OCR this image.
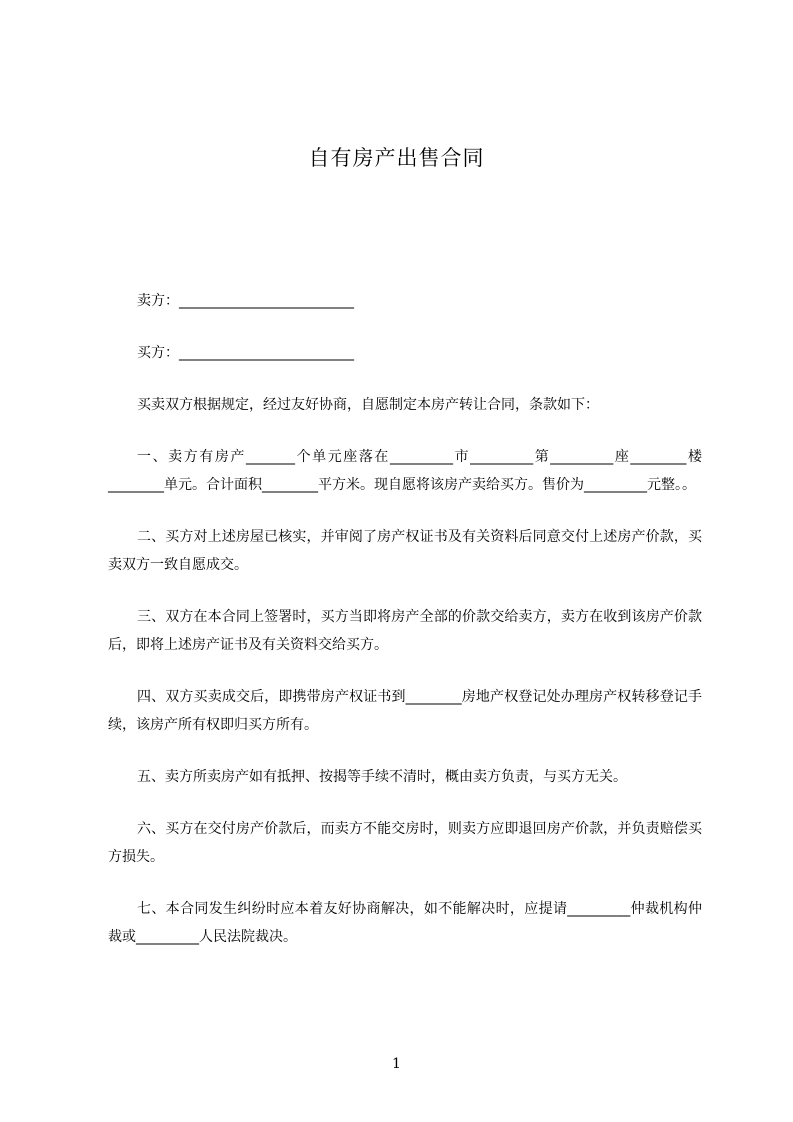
自有房产出售合同

卖方：_________________________

买方：_________________________

买卖双方根据规定，经过友好协商，自愿制定本房产转让合同，条款如下：

一、卖方有房产_______个单元座落在_________市_________第_________座________楼________单元。合计面积________平方米。现自愿将该房产卖给买方。售价为_________元整。。

二、买方对上述房屋已核实，并审阅了房产权证书及有关资料后同意交付上述房产价款，买卖双方一致自愿成交。

三、双方在本合同上签署时，买方当即将房产全部的价款交给卖方，卖方在收到该房产价款后，即将上述房产证书及有关资料交给买方。

四、双方买卖成交后，即携带房产权证书到________房地产权登记处办理房产权转移登记手续，该房产所有权即归买方所有。

五、卖方所卖房产如有抵押、按揭等手续不清时，概由卖方负责，与买方无关。

六、买方在交付房产价款后，而卖方不能交房时，则卖方应即退回房产价款，并负责赔偿买方损失。

七、本合同发生纠纷时应本着友好协商解决，如不能解决时，应提请_________仲裁机构仲裁或_________人民法院裁决。

1
